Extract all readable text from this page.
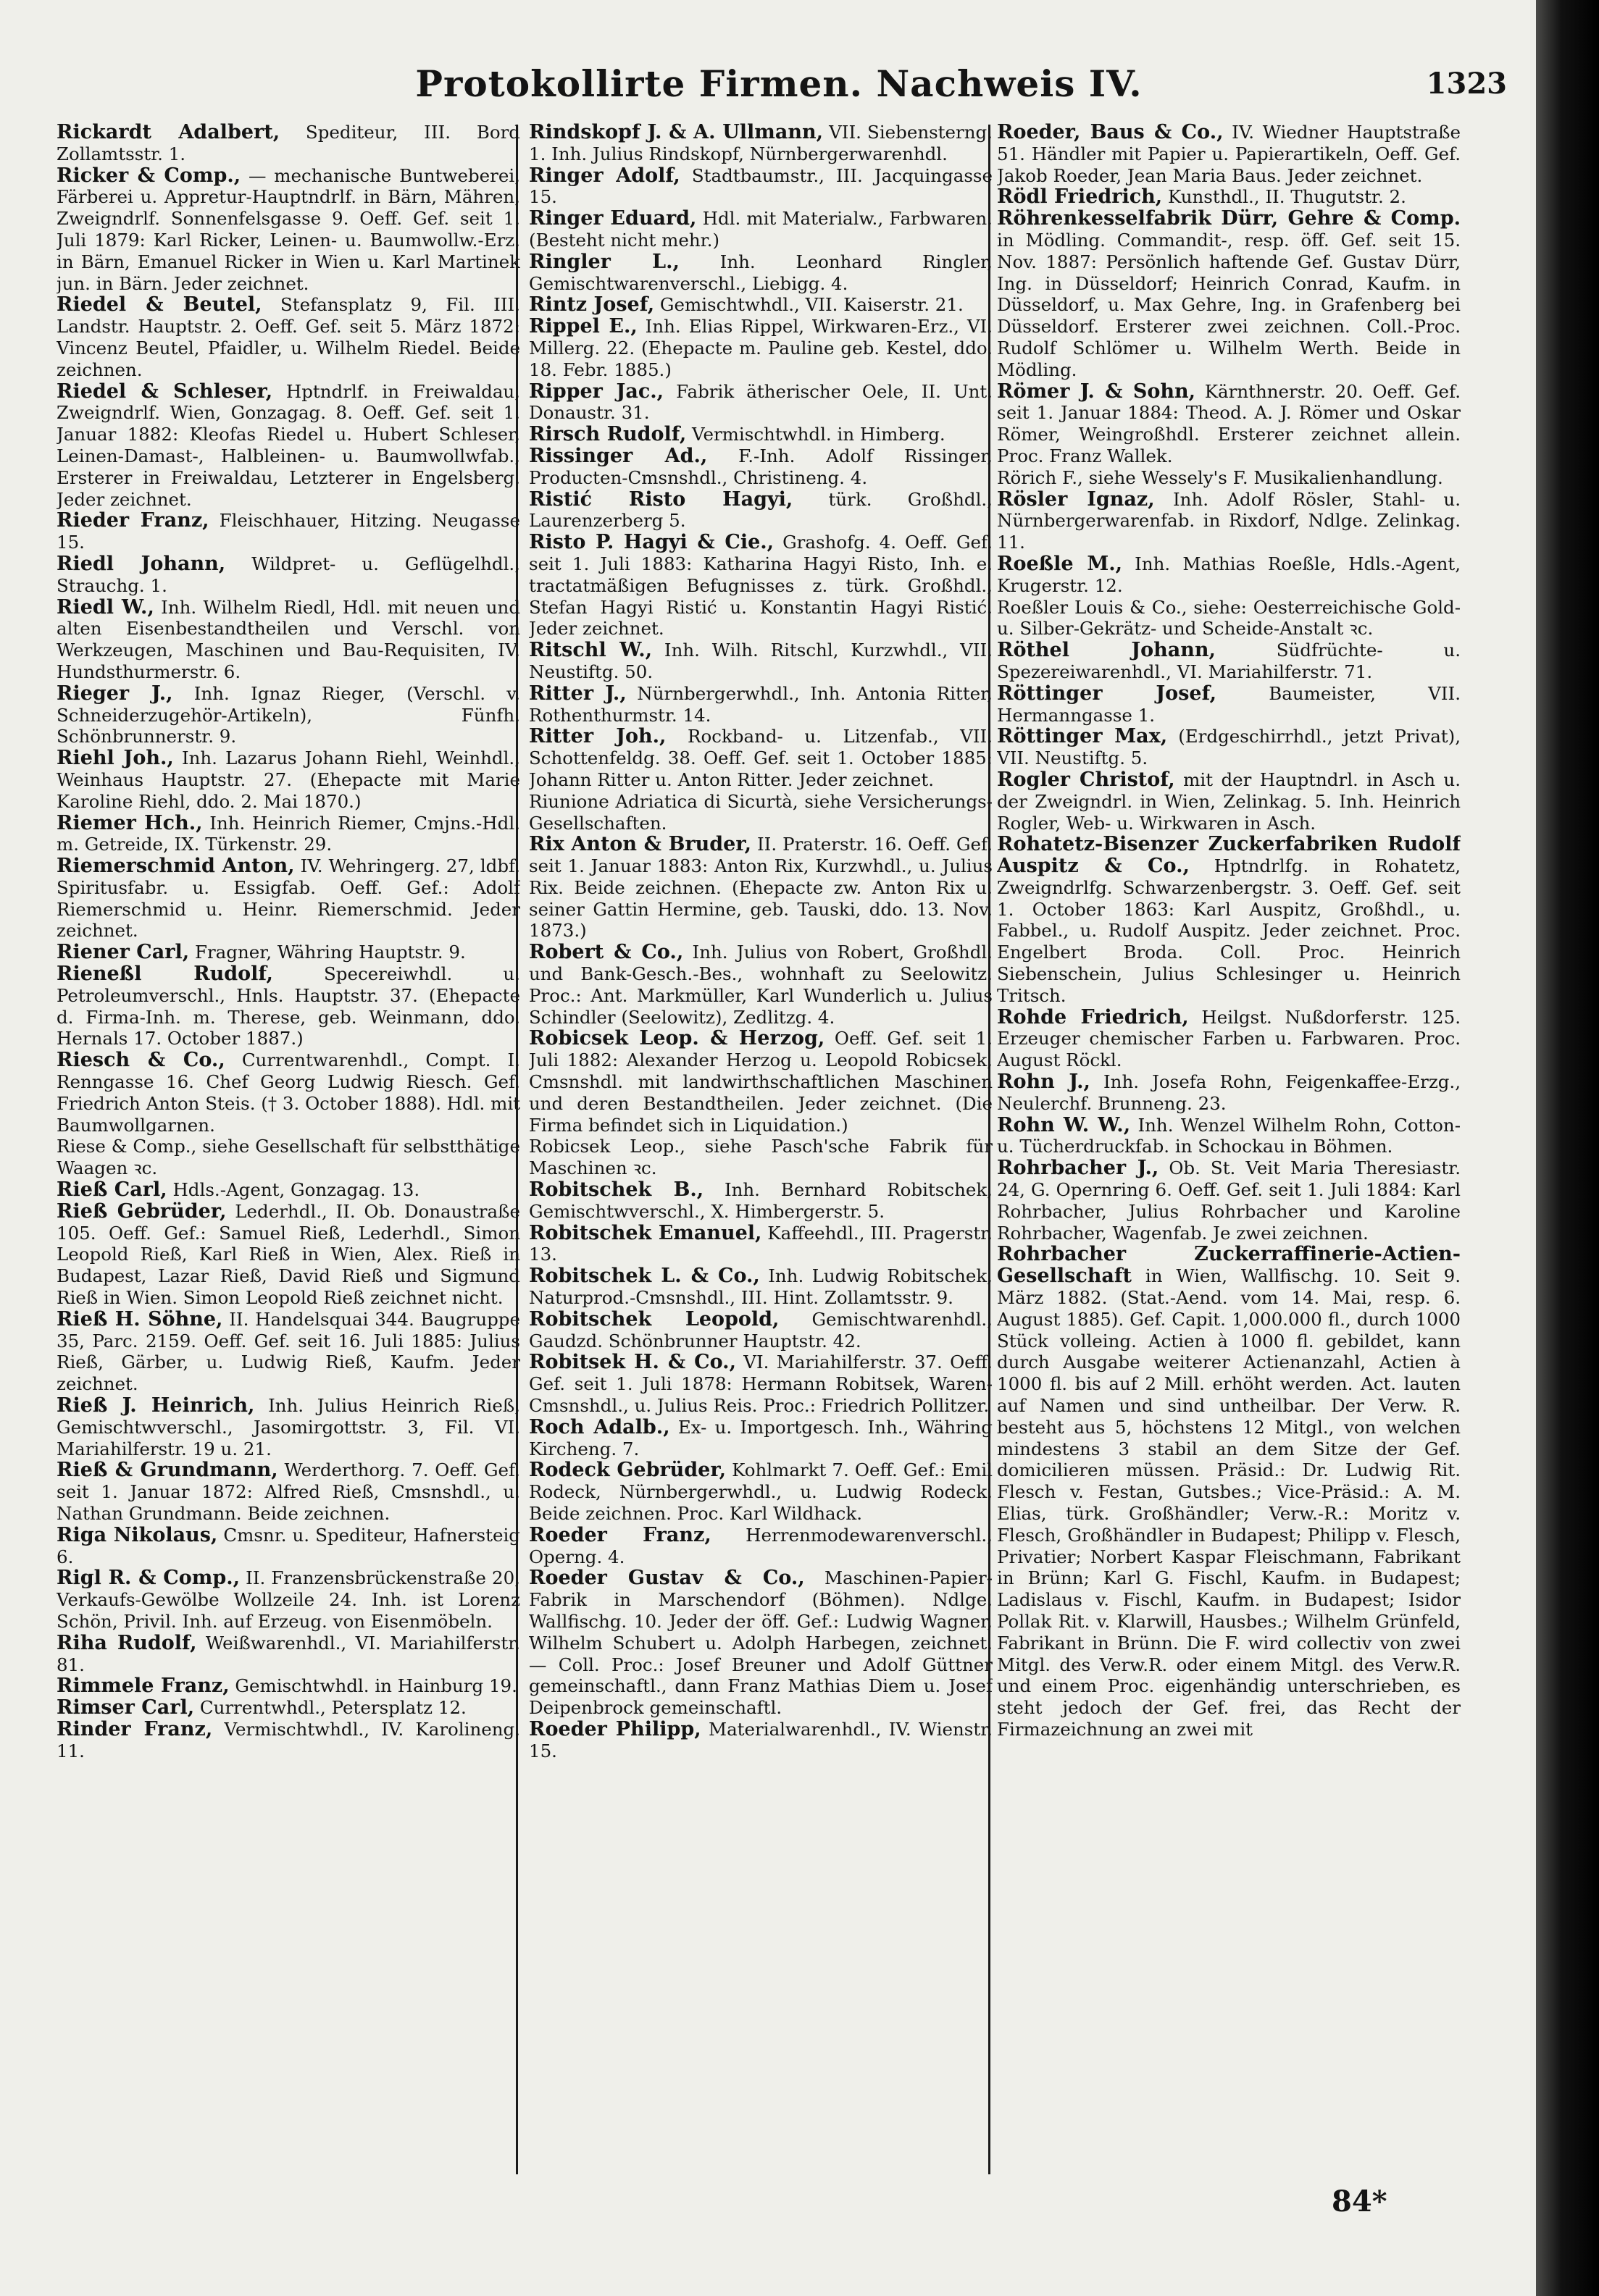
Protokollirte Firmen. Nachweis IV.	1323

Rickardt Adalbert, Spediteur, III. Bord Zollamtsstr. 1.

Ricker & Comp., — mechanische Buntweberei, Färberei u. Appretur-Hauptndrlf. in Bärn, Mähren, Zweigndrlf. Sonnenfelsgasse 9. Oeff. Gef. seit 1. Juli 1879: Karl Ricker, Leinen- u. Baumwollw.-Erz. in Bärn, Emanuel Ricker in Wien u. Karl Martinek jun. in Bärn. Jeder zeichnet.

Riedel & Beutel, Stefansplatz 9, Fil. III. Landstr. Hauptstr. 2. Oeff. Gef. seit 5. März 1872: Vincenz Beutel, Pfaidler, u. Wilhelm Riedel. Beide zeichnen.

Riedel & Schleser, Hptndrlf. in Freiwaldau, Zweigndrlf. Wien, Gonzagag. 8. Oeff. Gef. seit 1. Januar 1882: Kleofas Riedel u. Hubert Schleser, Leinen-Damast-, Halbleinen- u. Baumwollwfab., Ersterer in Freiwaldau, Letzterer in Engelsberg. Jeder zeichnet.

Rieder Franz, Fleischhauer, Hitzing. Neugasse 15.

Riedl Johann, Wildpret- u. Geflügelhdl., Strauchg. 1.

Riedl W., Inh. Wilhelm Riedl, Hdl. mit neuen und alten Eisenbestandtheilen und Verschl. von Werkzeugen, Maschinen und Bau-Requisiten, IV. Hundsthurmerstr. 6.

Rieger J., Inh. Ignaz Rieger, (Verschl. v. Schneiderzugehör-Artikeln), Fünfh. Schönbrunnerstr. 9.

Riehl Joh., Inh. Lazarus Johann Riehl, Weinhdl., Weinhaus Hauptstr. 27. (Ehepacte mit Marie Karoline Riehl, ddo. 2. Mai 1870.)

Riemer Hch., Inh. Heinrich Riemer, Cmjns.-Hdl. m. Getreide, IX. Türkenstr. 29.

Riemerschmid Anton, IV. Wehringerg. 27, ldbf. Spiritusfabr. u. Essigfab. Oeff. Gef.: Adolf Riemerschmid u. Heinr. Riemerschmid. Jeder zeichnet.

Riener Carl, Fragner, Währing Hauptstr. 9.

Rieneßl Rudolf, Specereiwhdl. u. Petroleumverschl., Hnls. Hauptstr. 37. (Ehepacte d. Firma-Inh. m. Therese, geb. Weinmann, ddo. Hernals 17. October 1887.)

Riesch & Co., Currentwarenhdl., Compt. I. Renngasse 16. Chef Georg Ludwig Riesch. Gef. Friedrich Anton Steis. († 3. October 1888). Hdl. mit Baumwollgarnen.

Riese & Comp., siehe Gesellschaft für selbstthätige Waagen ꝛc.

Rieß Carl, Hdls.-Agent, Gonzagag. 13.

Rieß Gebrüder, Lederhdl., II. Ob. Donaustraße 105. Oeff. Gef.: Samuel Rieß, Lederhdl., Simon Leopold Rieß, Karl Rieß in Wien, Alex. Rieß in Budapest, Lazar Rieß, David Rieß und Sigmund Rieß in Wien. Simon Leopold Rieß zeichnet nicht.

Rieß H. Söhne, II. Handelsquai 344. Baugruppe 35, Parc. 2159. Oeff. Gef. seit 16. Juli 1885: Julius Rieß, Gärber, u. Ludwig Rieß, Kaufm. Jeder zeichnet.

Rieß J. Heinrich, Inh. Julius Heinrich Rieß, Gemischtwverschl., Jasomirgottstr. 3, Fil. VI. Mariahilferstr. 19 u. 21.

Rieß & Grundmann, Werderthorg. 7. Oeff. Gef. seit 1. Januar 1872: Alfred Rieß, Cmsnshdl., u. Nathan Grundmann. Beide zeichnen.

Riga Nikolaus, Cmsnr. u. Spediteur, Hafnersteig 6.

Rigl R. & Comp., II. Franzensbrückenstraße 20, Verkaufs-Gewölbe Wollzeile 24. Inh. ist Lorenz Schön, Privil. Inh. auf Erzeug. von Eisenmöbeln.

Riha Rudolf, Weißwarenhdl., VI. Mariahilferstr. 81.

Rimmele Franz, Gemischtwhdl. in Hainburg 19.

Rimser Carl, Currentwhdl., Petersplatz 12.

Rinder Franz, Vermischtwhdl., IV. Karolineng. 11.

Rindskopf J. & A. Ullmann, VII. Siebensterng. 1. Inh. Julius Rindskopf, Nürnbergerwarenhdl.

Ringer Adolf, Stadtbaumstr., III. Jacquingasse 15.

Ringer Eduard, Hdl. mit Materialw., Farbwaren. (Besteht nicht mehr.)

Ringler L., Inh. Leonhard Ringler, Gemischtwarenverschl., Liebigg. 4.

Rintz Josef, Gemischtwhdl., VII. Kaiserstr. 21.

Rippel E., Inh. Elias Rippel, Wirkwaren-Erz., VI. Millerg. 22. (Ehepacte m. Pauline geb. Kestel, ddo. 18. Febr. 1885.)

Ripper Jac., Fabrik ätherischer Oele, II. Unt. Donaustr. 31.

Rirsch Rudolf, Vermischtwhdl. in Himberg.

Rissinger Ad., F.-Inh. Adolf Rissinger, Producten-Cmsnshdl., Christineng. 4.

Ristić Risto Hagyi, türk. Großhdl., Laurenzerberg 5.

Risto P. Hagyi & Cie., Grashofg. 4. Oeff. Gef. seit 1. Juli 1883: Katharina Hagyi Risto, Inh. e. tractatmäßigen Befugnisses z. türk. Großhdl., Stefan Hagyi Ristić u. Konstantin Hagyi Ristić. Jeder zeichnet.

Ritschl W., Inh. Wilh. Ritschl, Kurzwhdl., VII. Neustiftg. 50.

Ritter J., Nürnbergerwhdl., Inh. Antonia Ritter, Rothenthurmstr. 14.

Ritter Joh., Rockband- u. Litzenfab., VII. Schottenfeldg. 38. Oeff. Gef. seit 1. October 1885: Johann Ritter u. Anton Ritter. Jeder zeichnet.

Riunione Adriatica di Sicurtà, siehe Versicherungs-Gesellschaften.

Rix Anton & Bruder, II. Praterstr. 16. Oeff. Gef. seit 1. Januar 1883: Anton Rix, Kurzwhdl., u. Julius Rix. Beide zeichnen. (Ehepacte zw. Anton Rix u. seiner Gattin Hermine, geb. Tauski, ddo. 13. Nov. 1873.)

Robert & Co., Inh. Julius von Robert, Großhdl. und Bank-Gesch.-Bes., wohnhaft zu Seelowitz. Proc.: Ant. Markmüller, Karl Wunderlich u. Julius Schindler (Seelowitz), Zedlitzg. 4.

Robicsek Leop. & Herzog, Oeff. Gef. seit 1. Juli 1882: Alexander Herzog u. Leopold Robicsek, Cmsnshdl. mit landwirthschaftlichen Maschinen und deren Bestandtheilen. Jeder zeichnet. (Die Firma befindet sich in Liquidation.)

Robicsek Leop., siehe Pasch'sche Fabrik für Maschinen ꝛc.

Robitschek B., Inh. Bernhard Robitschek, Gemischtwverschl., X. Himbergerstr. 5.

Robitschek Emanuel, Kaffeehdl., III. Pragerstr. 13.

Robitschek L. & Co., Inh. Ludwig Robitschek, Naturprod.-Cmsnshdl., III. Hint. Zollamtsstr. 9.

Robitschek Leopold, Gemischtwarenhdl., Gaudzd. Schönbrunner Hauptstr. 42.

Robitsek H. & Co., VI. Mariahilferstr. 37. Oeff. Gef. seit 1. Juli 1878: Hermann Robitsek, Waren-Cmsnshdl., u. Julius Reis. Proc.: Friedrich Pollitzer.

Roch Adalb., Ex- u. Importgesch. Inh., Währing Kircheng. 7.

Rodeck Gebrüder, Kohlmarkt 7. Oeff. Gef.: Emil Rodeck, Nürnbergerwhdl., u. Ludwig Rodeck. Beide zeichnen. Proc. Karl Wildhack.

Roeder Franz, Herrenmodewarenverschl., Operng. 4.

Roeder Gustav & Co., Maschinen-Papier-Fabrik in Marschendorf (Böhmen). Ndlge. Wallfischg. 10. Jeder der öff. Gef.: Ludwig Wagner, Wilhelm Schubert u. Adolph Harbegen, zeichnet. — Coll. Proc.: Josef Breuner und Adolf Güttner gemeinschaftl., dann Franz Mathias Diem u. Josef Deipenbrock gemeinschaftl.

Roeder Philipp, Materialwarenhdl., IV. Wienstr. 15.

Roeder, Baus & Co., IV. Wiedner Hauptstraße 51. Händler mit Papier u. Papierartikeln, Oeff. Gef. Jakob Roeder, Jean Maria Baus. Jeder zeichnet.

Rödl Friedrich, Kunsthdl., II. Thugutstr. 2.

Röhrenkesselfabrik Dürr, Gehre & Comp. in Mödling. Commandit-, resp. öff. Gef. seit 15. Nov. 1887: Persönlich haftende Gef. Gustav Dürr, Ing. in Düsseldorf; Heinrich Conrad, Kaufm. in Düsseldorf, u. Max Gehre, Ing. in Grafenberg bei Düsseldorf. Ersterer zwei zeichnen. Coll.-Proc. Rudolf Schlömer u. Wilhelm Werth. Beide in Mödling.

Römer J. & Sohn, Kärnthnerstr. 20. Oeff. Gef. seit 1. Januar 1884: Theod. A. J. Römer und Oskar Römer, Weingroßhdl. Ersterer zeichnet allein. Proc. Franz Wallek.

Rörich F., siehe Wessely's F. Musikalienhandlung.

Rösler Ignaz, Inh. Adolf Rösler, Stahl- u. Nürnbergerwarenfab. in Rixdorf, Ndlge. Zelinkag. 11.

Roeßle M., Inh. Mathias Roeßle, Hdls.-Agent, Krugerstr. 12.

Roeßler Louis & Co., siehe: Oesterreichische Gold- u. Silber-Gekrätz- und Scheide-Anstalt ꝛc.

Röthel Johann, Südfrüchte- u. Spezereiwarenhdl., VI. Mariahilferstr. 71.

Röttinger Josef, Baumeister, VII. Hermanngasse 1.

Röttinger Max, (Erdgeschirrhdl., jetzt Privat), VII. Neustiftg. 5.

Rogler Christof, mit der Hauptndrl. in Asch u. der Zweigndrl. in Wien, Zelinkag. 5. Inh. Heinrich Rogler, Web- u. Wirkwaren in Asch.

Rohatetz-Bisenzer Zuckerfabriken Rudolf Auspitz & Co., Hptndrlfg. in Rohatetz, Zweigndrlfg. Schwarzenbergstr. 3. Oeff. Gef. seit 1. October 1863: Karl Auspitz, Großhdl., u. Fabbel., u. Rudolf Auspitz. Jeder zeichnet. Proc. Engelbert Broda. Coll. Proc. Heinrich Siebenschein, Julius Schlesinger u. Heinrich Tritsch.

Rohde Friedrich, Heilgst. Nußdorferstr. 125. Erzeuger chemischer Farben u. Farbwaren. Proc. August Röckl.

Rohn J., Inh. Josefa Rohn, Feigenkaffee-Erzg., Neulerchf. Brunneng. 23.

Rohn W. W., Inh. Wenzel Wilhelm Rohn, Cotton- u. Tücherdruckfab. in Schockau in Böhmen.

Rohrbacher J., Ob. St. Veit Maria Theresiastr. 24, G. Opernring 6. Oeff. Gef. seit 1. Juli 1884: Karl Rohrbacher, Julius Rohrbacher und Karoline Rohrbacher, Wagenfab. Je zwei zeichnen.

Rohrbacher Zuckerraffinerie-Actien-Gesellschaft in Wien, Wallfischg. 10. Seit 9. März 1882. (Stat.-Aend. vom 14. Mai, resp. 6. August 1885). Gef. Capit. 1,000.000 fl., durch 1000 Stück volleing. Actien à 1000 fl. gebildet, kann durch Ausgabe weiterer Actienanzahl, Actien à 1000 fl. bis auf 2 Mill. erhöht werden. Act. lauten auf Namen und sind untheilbar. Der Verw. R. besteht aus 5, höchstens 12 Mitgl., von welchen mindestens 3 stabil an dem Sitze der Gef. domicilieren müssen. Präsid.: Dr. Ludwig Rit. Flesch v. Festan, Gutsbes.; Vice-Präsid.: A. M. Elias, türk. Großhändler; Verw.-R.: Moritz v. Flesch, Großhändler in Budapest; Philipp v. Flesch, Privatier; Norbert Kaspar Fleischmann, Fabrikant in Brünn; Karl G. Fischl, Kaufm. in Budapest; Ladislaus v. Fischl, Kaufm. in Budapest; Isidor Pollak Rit. v. Klarwill, Hausbes.; Wilhelm Grünfeld, Fabrikant in Brünn. Die F. wird collectiv von zwei Mitgl. des Verw.R. oder einem Mitgl. des Verw.R. und einem Proc. eigenhändig unterschrieben, es steht jedoch der Gef. frei, das Recht der Firmazeichnung an zwei mit

84*
